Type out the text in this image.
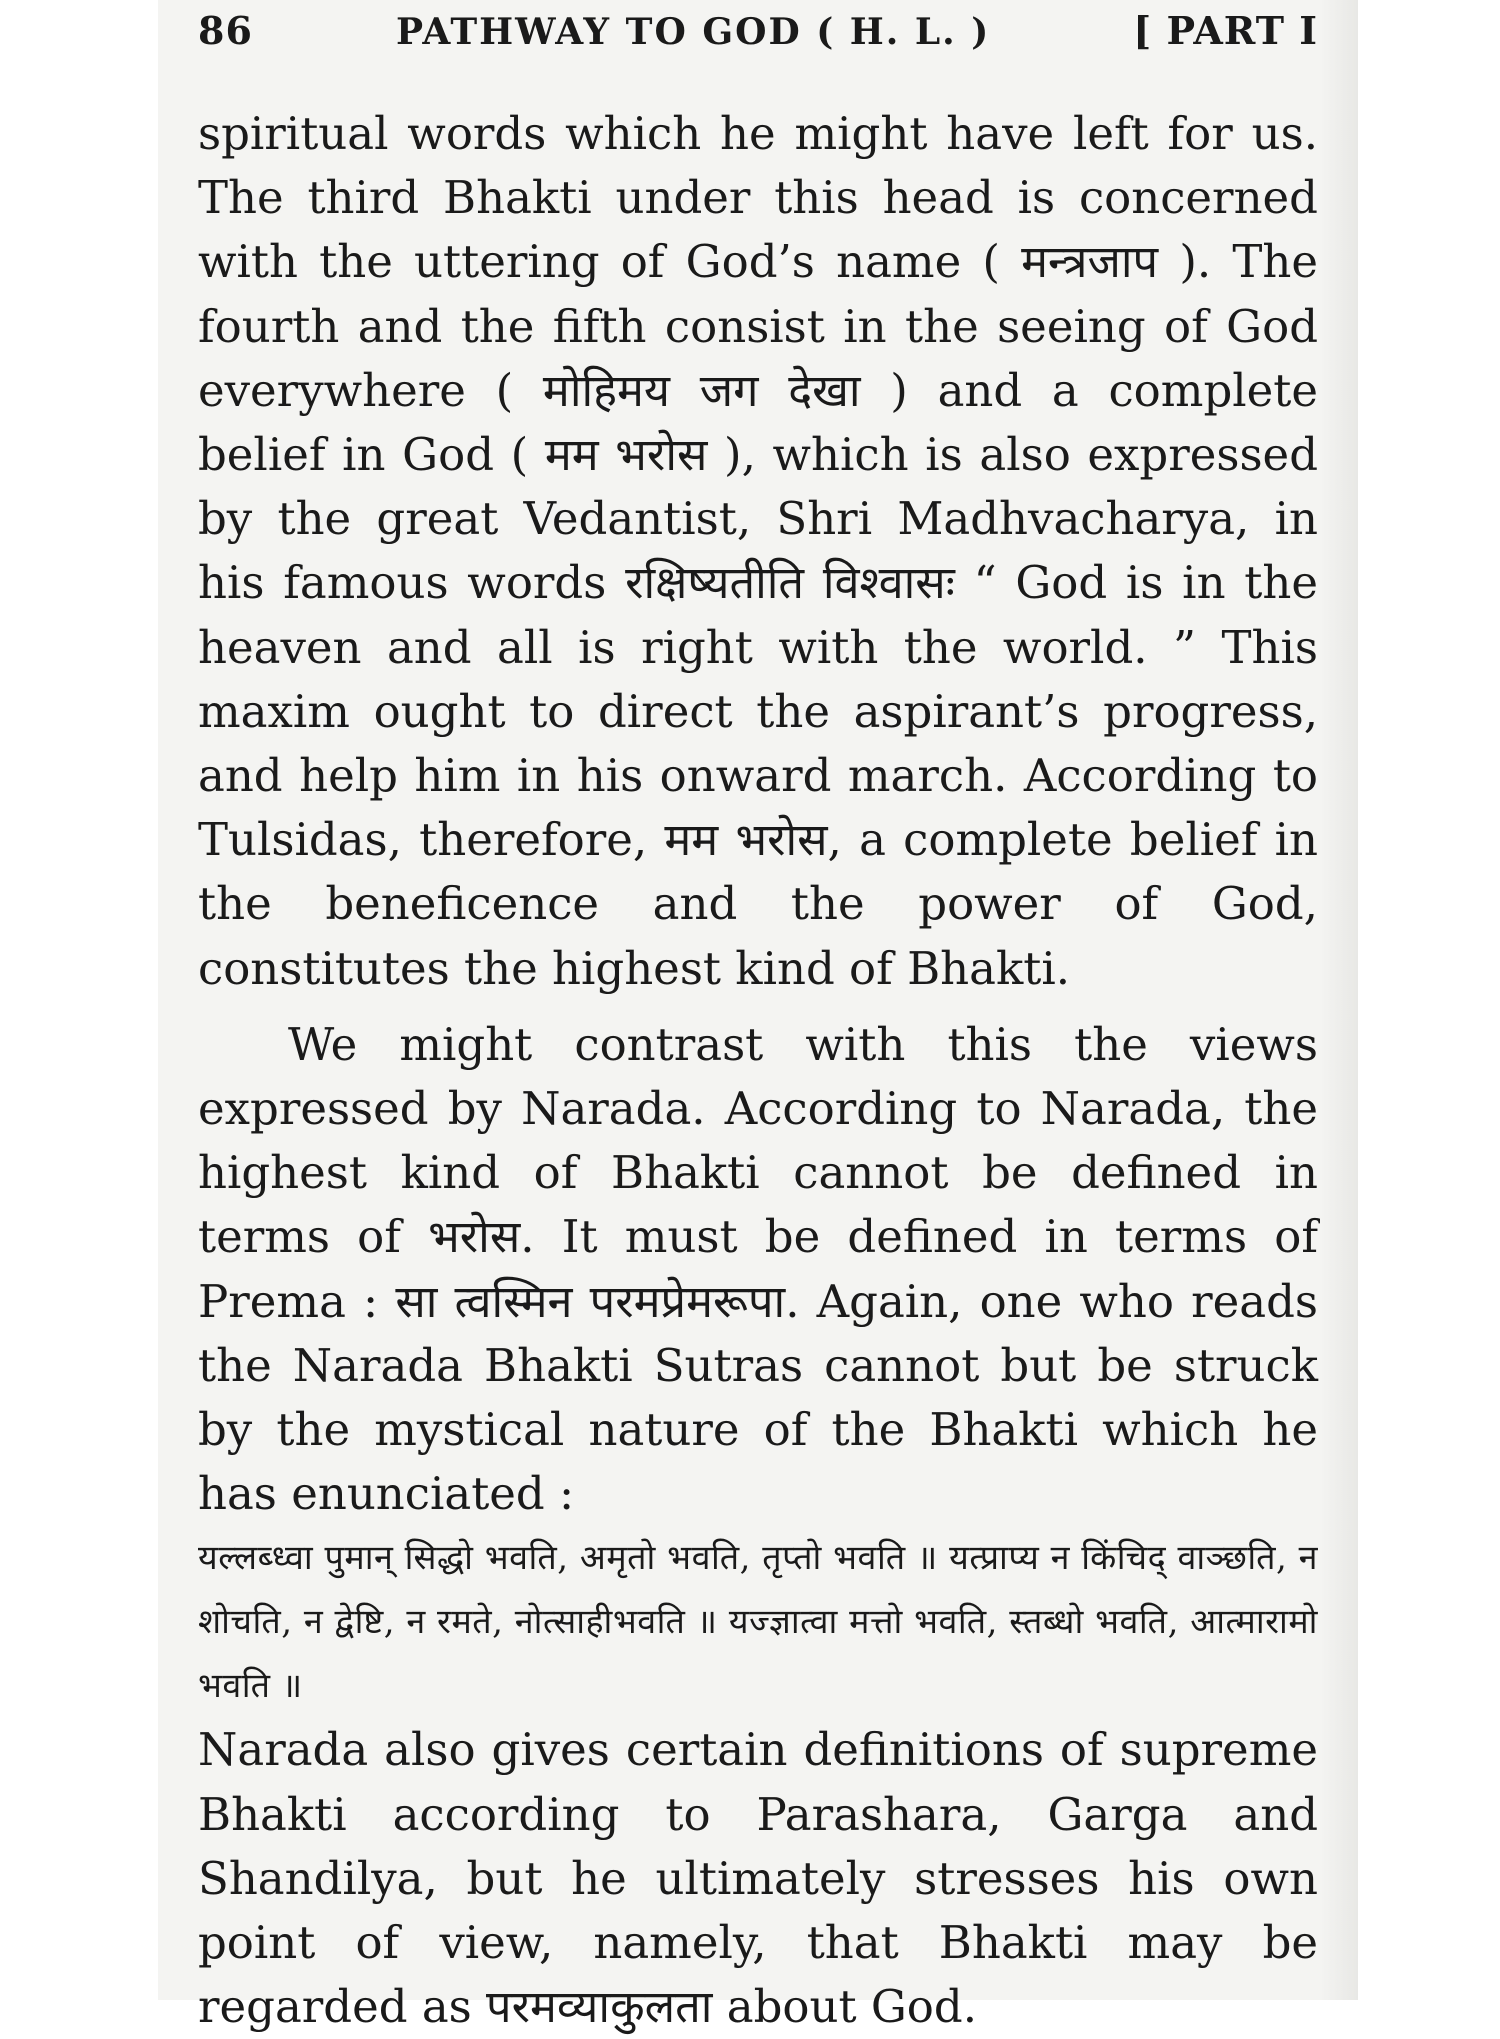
86	PATHWAY TO GOD ( H. L. )	[ PART I

spiritual words which he might have left for us. The third Bhakti under this head is concerned with the uttering of God’s name ( मन्त्रजाप ). The fourth and the fifth consist in the seeing of God everywhere ( मोहिमय जग देखा ) and a complete belief in God ( मम भरोस ), which is also expressed by the great Vedantist, Shri Madhvacharya, in his famous words रक्षिष्यतीति विश्वासः “ God is in the heaven and all is right with the world. ” This maxim ought to direct the aspirant’s progress, and help him in his onward march. According to Tulsidas, therefore, मम भरोस, a complete belief in the beneficence and the power of God, constitutes the highest kind of Bhakti.

We might contrast with this the views expressed by Narada. According to Narada, the highest kind of Bhakti cannot be defined in terms of भरोस. It must be defined in terms of Prema : सा त्वस्मिन परमप्रेमरूपा. Again, one who reads the Narada Bhakti Sutras cannot but be struck by the mystical nature of the Bhakti which he has enunciated :

यल्लब्ध्वा पुमान् सिद्धो भवति, अमृतो भवति, तृप्तो भवति ॥ यत्प्राप्य न किंचिद् वाञ्छति, न शोचति, न द्वेष्टि, न रमते, नोत्साहीभवति ॥ यज्ज्ञात्वा मत्तो भवति, स्तब्धो भवति, आत्मारामो भवति ॥

Narada also gives certain definitions of supreme Bhakti according to Parashara, Garga and Shandilya, but he ultimately stresses his own point of view, namely, that Bhakti may be regarded as परमव्याकुलता about God.
